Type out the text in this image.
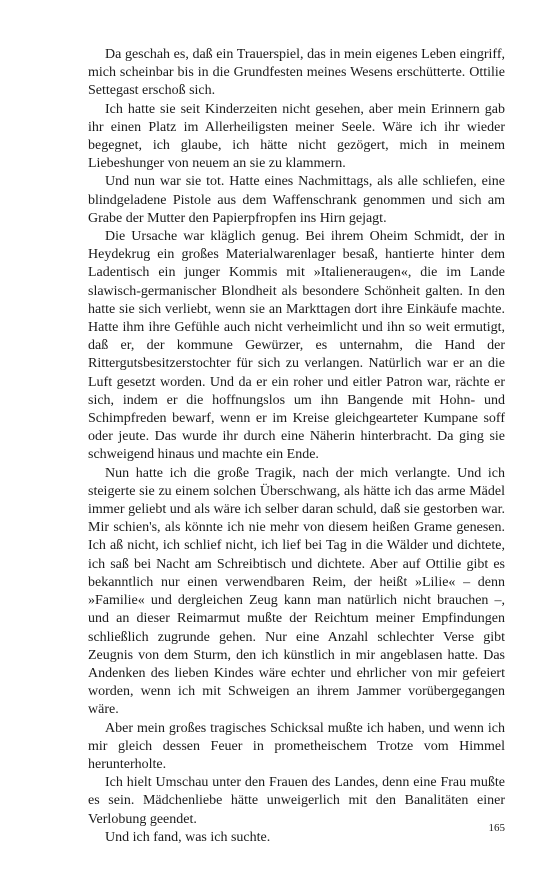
Da geschah es, daß ein Trauerspiel, das in mein eigenes Leben eingriff, mich scheinbar bis in die Grundfesten meines Wesens erschütterte. Ottilie Settegast erschoß sich.

Ich hatte sie seit Kinderzeiten nicht gesehen, aber mein Erinnern gab ihr einen Platz im Allerheiligsten meiner Seele. Wäre ich ihr wieder begegnet, ich glaube, ich hätte nicht gezögert, mich in meinem Liebeshunger von neuem an sie zu klammern.

Und nun war sie tot. Hatte eines Nachmittags, als alle schliefen, eine blindgeladene Pistole aus dem Waffenschrank genommen und sich am Grabe der Mutter den Papierpfropfen ins Hirn gejagt.

Die Ursache war kläglich genug. Bei ihrem Oheim Schmidt, der in Heydekrug ein großes Materialwarenlager besaß, hantierte hinter dem Ladentisch ein junger Kommis mit »Italieneraugen«, die im Lande slawisch-germanischer Blondheit als besondere Schönheit galten. In den hatte sie sich verliebt, wenn sie an Markttagen dort ihre Einkäufe machte. Hatte ihm ihre Gefühle auch nicht verheimlicht und ihn so weit ermutigt, daß er, der kommune Gewürzer, es unternahm, die Hand der Rittergutsbesitzerstochter für sich zu verlangen. Natürlich war er an die Luft gesetzt worden. Und da er ein roher und eitler Patron war, rächte er sich, indem er die hoffnungslos um ihn Bangende mit Hohn- und Schimpfreden bewarf, wenn er im Kreise gleichgearteter Kumpane soff oder jeute. Das wurde ihr durch eine Näherin hinterbracht. Da ging sie schweigend hinaus und machte ein Ende.

Nun hatte ich die große Tragik, nach der mich verlangte. Und ich steigerte sie zu einem solchen Überschwang, als hätte ich das arme Mädel immer geliebt und als wäre ich selber daran schuld, daß sie gestorben war. Mir schien's, als könnte ich nie mehr von diesem heißen Grame genesen. Ich aß nicht, ich schlief nicht, ich lief bei Tag in die Wälder und dichtete, ich saß bei Nacht am Schreibtisch und dichtete. Aber auf Ottilie gibt es bekanntlich nur einen verwendbaren Reim, der heißt »Lilie« – denn »Familie« und dergleichen Zeug kann man natürlich nicht brauchen –, und an dieser Reimarmut mußte der Reichtum meiner Empfindungen schließlich zugrunde gehen. Nur eine Anzahl schlechter Verse gibt Zeugnis von dem Sturm, den ich künstlich in mir angeblasen hatte. Das Andenken des lieben Kindes wäre echter und ehrlicher von mir gefeiert worden, wenn ich mit Schweigen an ihrem Jammer vorübergegangen wäre.

Aber mein großes tragisches Schicksal mußte ich haben, und wenn ich mir gleich dessen Feuer in prometheischem Trotze vom Himmel herunterholte.

Ich hielt Umschau unter den Frauen des Landes, denn eine Frau mußte es sein. Mädchenliebe hätte unweigerlich mit den Banalitäten einer Verlobung geendet.

Und ich fand, was ich suchte.

165
